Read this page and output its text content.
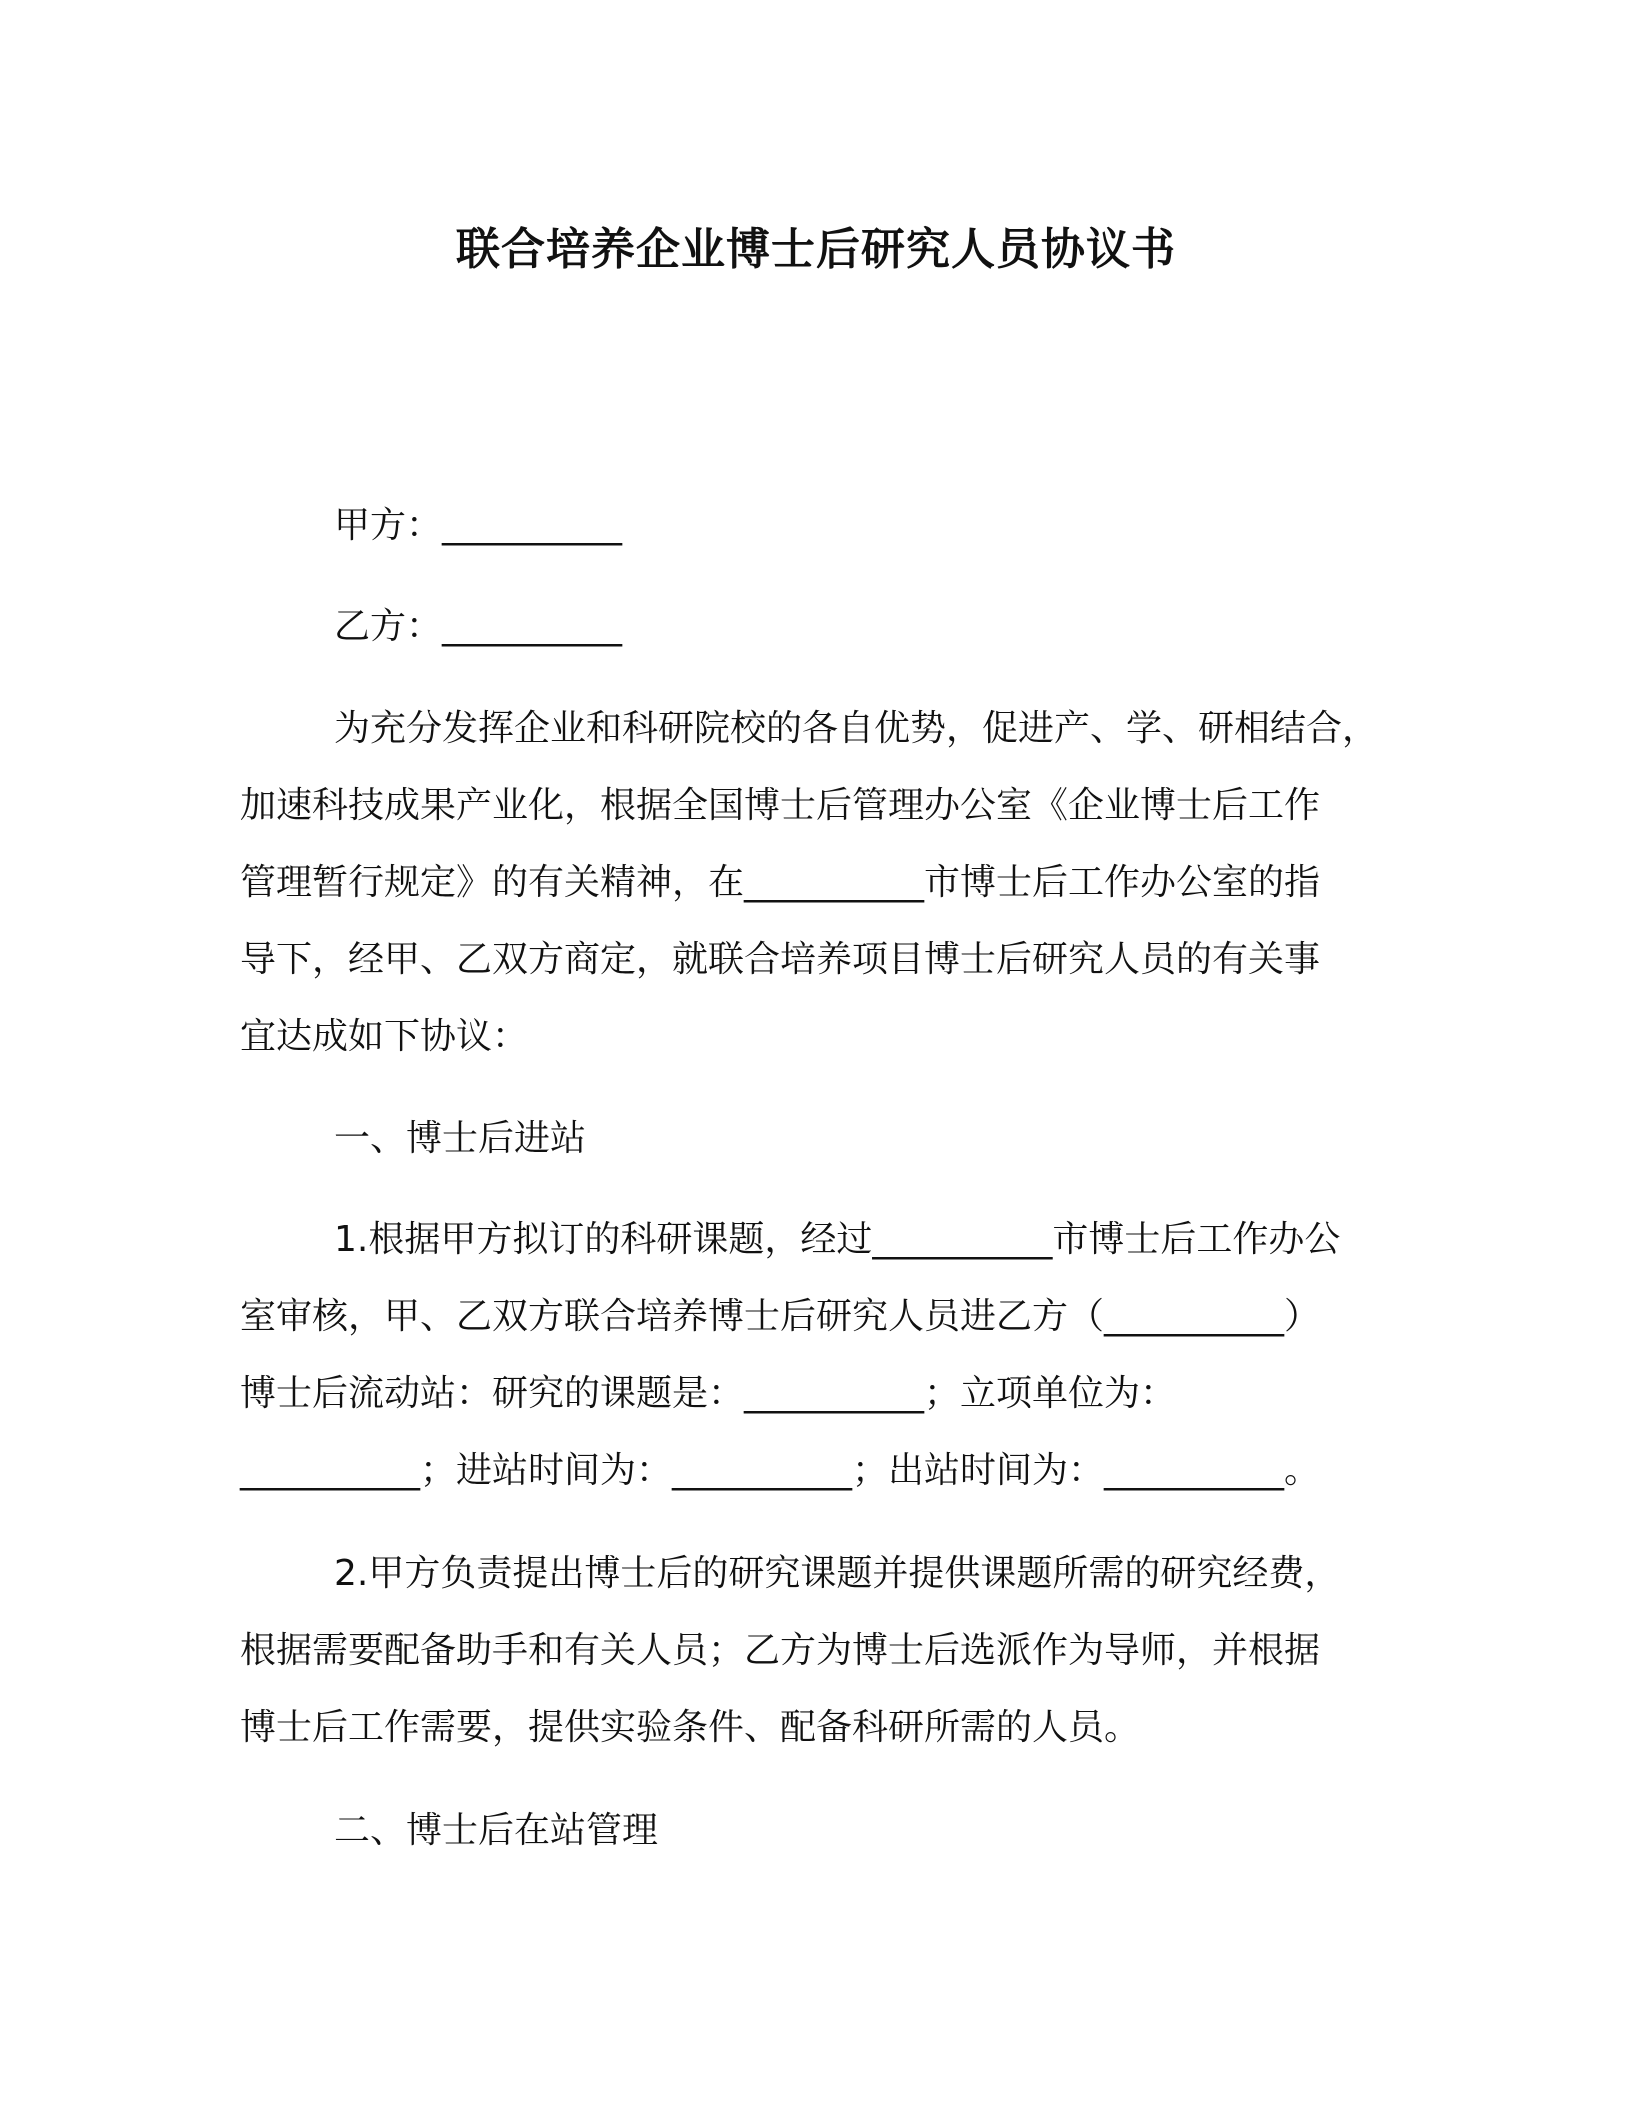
联合培养企业博士后研究人员协议书
甲方：__________
乙方：__________
为充分发挥企业和科研院校的各自优势，促进产、学、研相结合，
加速科技成果产业化，根据全国博士后管理办公室《企业博士后工作
管理暂行规定》的有关精神，在__________市博士后工作办公室的指
导下，经甲、乙双方商定，就联合培养项目博士后研究人员的有关事
宜达成如下协议：
一、博士后进站
1.根据甲方拟订的科研课题，经过__________市博士后工作办公
室审核，甲、乙双方联合培养博士后研究人员进乙方（__________）
博士后流动站：研究的课题是：__________；立项单位为：
__________；进站时间为：__________；出站时间为：__________。
2.甲方负责提出博士后的研究课题并提供课题所需的研究经费，
根据需要配备助手和有关人员；乙方为博士后选派作为导师，并根据
博士后工作需要，提供实验条件、配备科研所需的人员。
二、博士后在站管理
